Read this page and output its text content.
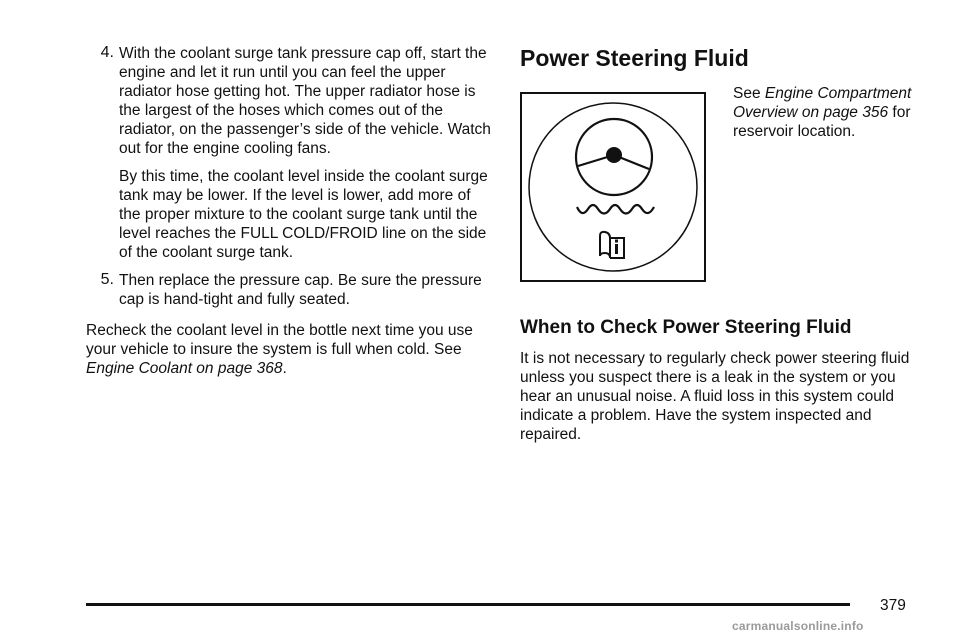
4. With the coolant surge tank pressure cap off, start the engine and let it run until you can feel the upper radiator hose getting hot. The upper radiator hose is the largest of the hoses which comes out of the radiator, on the passenger’s side of the vehicle. Watch out for the engine cooling fans.

By this time, the coolant level inside the coolant surge tank may be lower. If the level is lower, add more of the proper mixture to the coolant surge tank until the level reaches the FULL COLD/FROID line on the side of the coolant surge tank.

5. Then replace the pressure cap. Be sure the pressure cap is hand-tight and fully seated.

Recheck the coolant level in the bottle next time you use your vehicle to insure the system is full when cold. See Engine Coolant on page 368.

Power Steering Fluid

See Engine Compartment Overview on page 356 for reservoir location.

When to Check Power Steering Fluid

It is not necessary to regularly check power steering fluid unless you suspect there is a leak in the system or you hear an unusual noise. A fluid loss in this system could indicate a problem. Have the system inspected and repaired.

379
carmanualsonline.info
